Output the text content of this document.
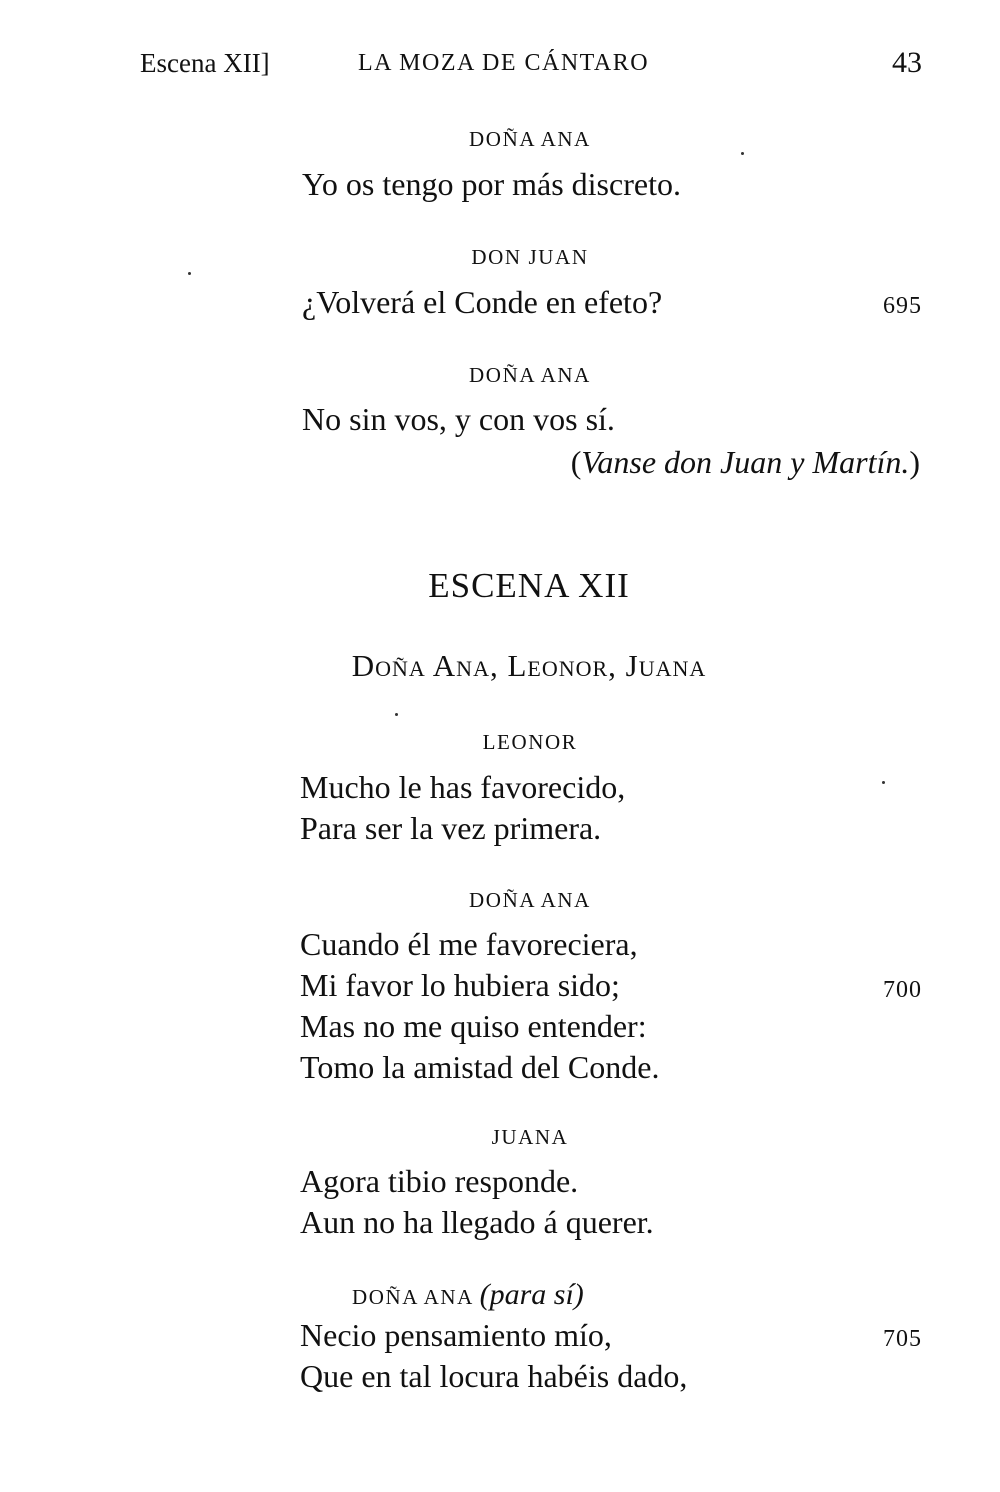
Escena XII]	LA MOZA DE CÁNTARO	43
DOÑA ANA
Yo os tengo por más discreto.
DON JUAN
¿Volverá el Conde en efeto?	695
DOÑA ANA
No sin vos, y con vos sí.
(Vanse don Juan y Martín.)
ESCENA XII
Doña Ana, Leonor, Juana
LEONOR
Mucho le has favorecido,
Para ser la vez primera.
DOÑA ANA
Cuando él me favoreciera,
Mi favor lo hubiera sido;	700
Mas no me quiso entender:
Tomo la amistad del Conde.
JUANA
Agora tibio responde.
Aun no ha llegado á querer.
DOÑA ANA (para sí)
Necio pensamiento mío,	705
Que en tal locura habéis dado,
